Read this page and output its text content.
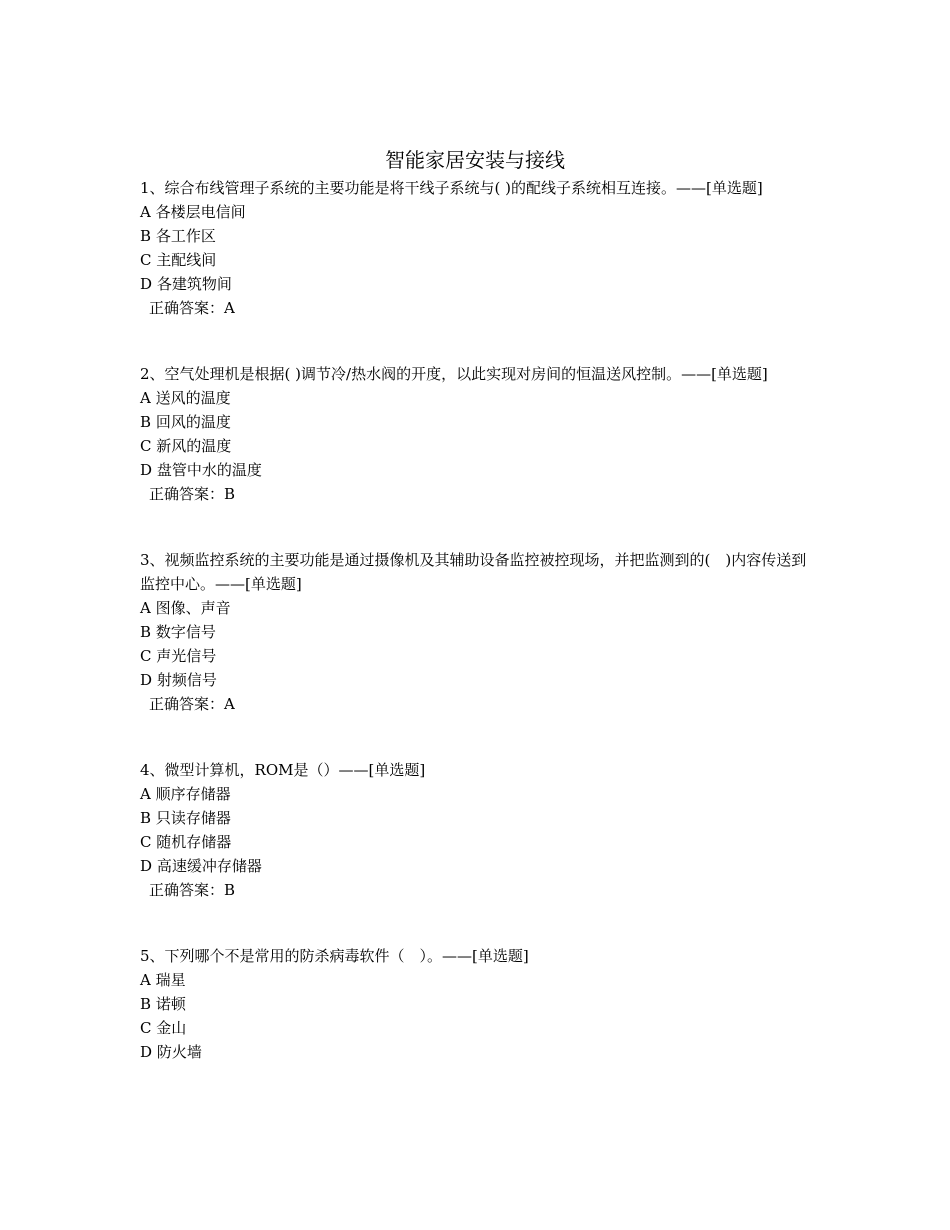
智能家居安装与接线

1、综合布线管理子系统的主要功能是将干线子系统与( )的配线子系统相互连接。——[单选题]

A 各楼层电信间

B 各工作区

C 主配线间

D 各建筑物间

正确答案：A

2、空气处理机是根据( )调节冷/热水阀的开度，以此实现对房间的恒温送风控制。——[单选题]

A 送风的温度

B 回风的温度

C 新风的温度

D 盘管中水的温度

正确答案：B

3、视频监控系统的主要功能是通过摄像机及其辅助设备监控被控现场，并把监测到的(　)内容传送到监控中心。——[单选题]

A 图像、声音

B 数字信号

C 声光信号

D 射频信号

正确答案：A

4、微型计算机，ROM是（）——[单选题]

A 顺序存储器

B 只读存储器

C 随机存储器

D 高速缓冲存储器

正确答案：B

5、下列哪个不是常用的防杀病毒软件（　）。——[单选题]

A 瑞星

B 诺顿

C 金山

D 防火墙
